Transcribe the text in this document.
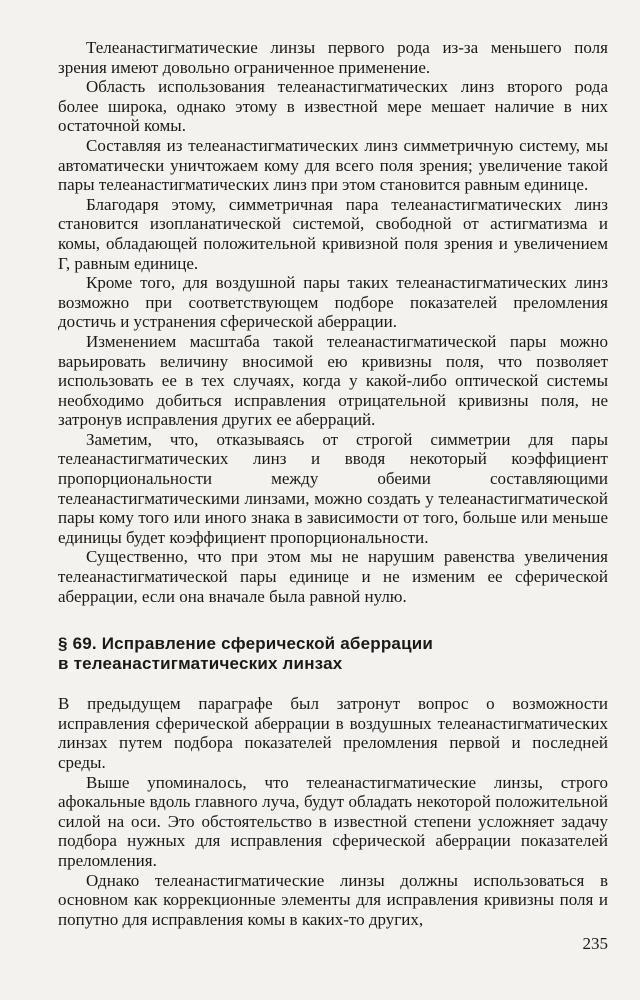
Телеанастигматические линзы первого рода из-за меньшего поля зрения имеют довольно ограниченное применение.

Область использования телеанастигматических линз второго рода более широка, однако этому в известной мере мешает наличие в них остаточной комы.

Составляя из телеанастигматических линз симметричную систему, мы автоматически уничтожаем кому для всего поля зрения; увеличение такой пары телеанастигматических линз при этом становится равным единице.

Благодаря этому, симметричная пара телеанастигматических линз становится изопланатической системой, свободной от астигматизма и комы, обладающей положительной кривизной поля зрения и увеличением Г, равным единице.

Кроме того, для воздушной пары таких телеанастигматических линз возможно при соответствующем подборе показателей преломления достичь и устранения сферической аберрации.

Изменением масштаба такой телеанастигматической пары можно варьировать величину вносимой ею кривизны поля, что позволяет использовать ее в тех случаях, когда у какой-либо оптической системы необходимо добиться исправления отрицательной кривизны поля, не затронув исправления других ее аберраций.

Заметим, что, отказываясь от строгой симметрии для пары телеанастигматических линз и вводя некоторый коэффициент пропорциональности между обеими составляющими телеанастигматическими линзами, можно создать у телеанастигматической пары кому того или иного знака в зависимости от того, больше или меньше единицы будет коэффициент пропорциональности.

Существенно, что при этом мы не нарушим равенства увеличения телеанастигматической пары единице и не изменим ее сферической аберрации, если она вначале была равной нулю.

§ 69. Исправление сферической аберрации
в телеанастигматических линзах

В предыдущем параграфе был затронут вопрос о возможности исправления сферической аберрации в воздушных телеанастигматических линзах путем подбора показателей преломления первой и последней среды.

Выше упоминалось, что телеанастигматические линзы, строго афокальные вдоль главного луча, будут обладать некоторой положительной силой на оси. Это обстоятельство в известной степени усложняет задачу подбора нужных для исправления сферической аберрации показателей преломления.

Однако телеанастигматические линзы должны использоваться в основном как коррекционные элементы для исправления кривизны поля и попутно для исправления комы в каких-то других,

235
